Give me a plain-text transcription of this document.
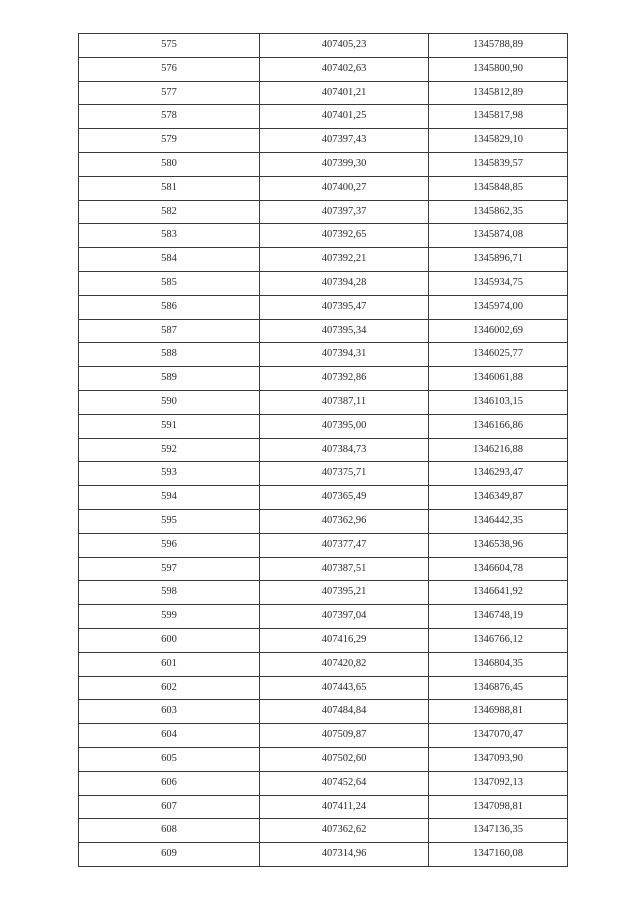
575	407405,23	1345788,89
576	407402,63	1345800,90
577	407401,21	1345812,89
578	407401,25	1345817,98
579	407397,43	1345829,10
580	407399,30	1345839,57
581	407400,27	1345848,85
582	407397,37	1345862,35
583	407392,65	1345874,08
584	407392,21	1345896,71
585	407394,28	1345934,75
586	407395,47	1345974,00
587	407395,34	1346002,69
588	407394,31	1346025,77
589	407392,86	1346061,88
590	407387,11	1346103,15
591	407395,00	1346166,86
592	407384,73	1346216,88
593	407375,71	1346293,47
594	407365,49	1346349,87
595	407362,96	1346442,35
596	407377,47	1346538,96
597	407387,51	1346604,78
598	407395,21	1346641,92
599	407397,04	1346748,19
600	407416,29	1346766,12
601	407420,82	1346804,35
602	407443,65	1346876,45
603	407484,84	1346988,81
604	407509,87	1347070,47
605	407502,60	1347093,90
606	407452,64	1347092,13
607	407411,24	1347098,81
608	407362,62	1347136,35
609	407314,96	1347160,08
